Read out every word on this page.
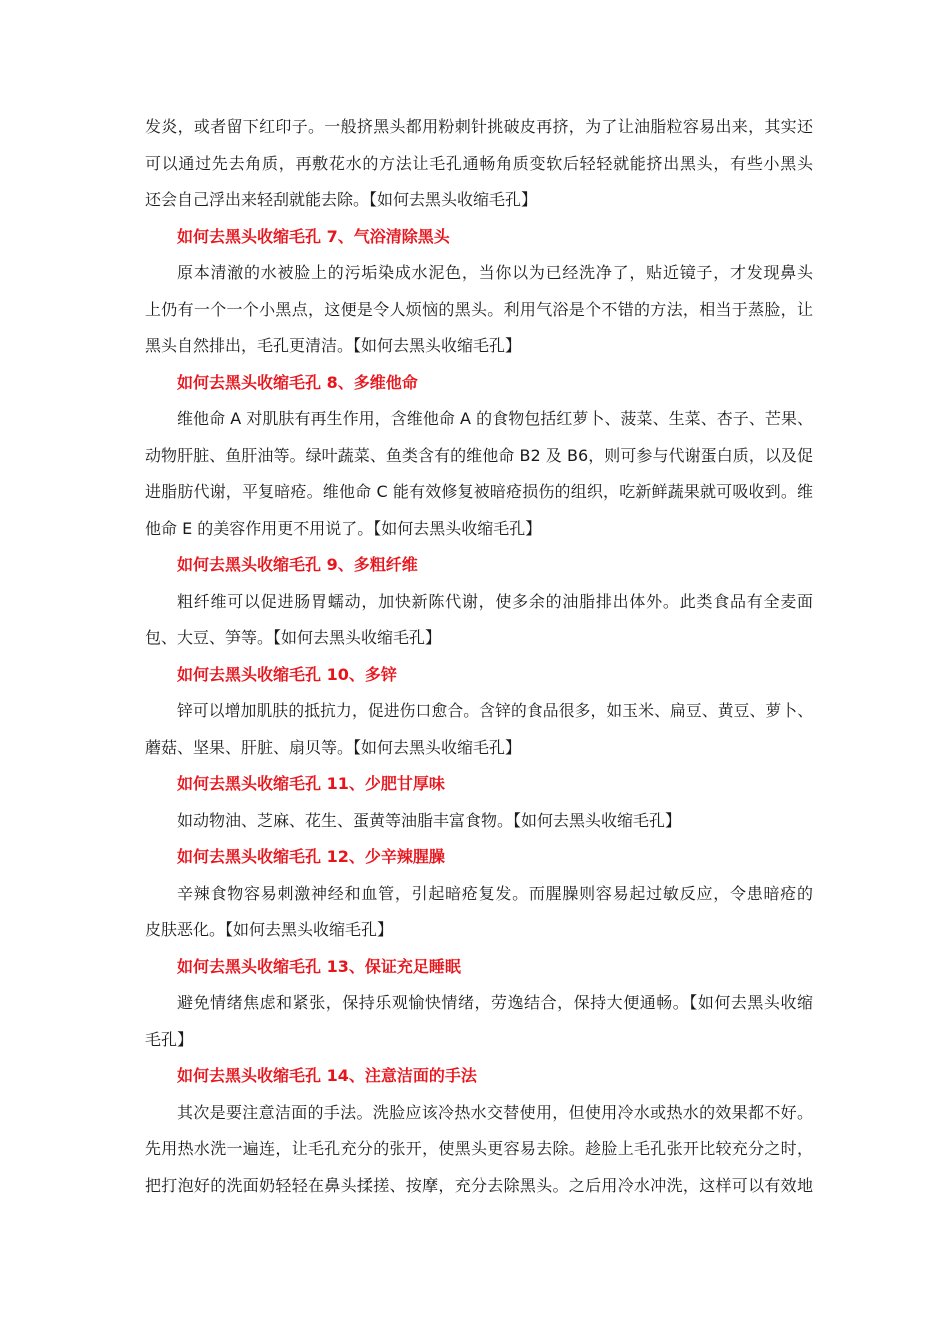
发炎，或者留下红印子。一般挤黑头都用粉刺针挑破皮再挤，为了让油脂粒容易出来，其实还
可以通过先去角质，再敷花水的方法让毛孔通畅角质变软后轻轻就能挤出黑头，有些小黑头
还会自己浮出来轻刮就能去除。【如何去黑头收缩毛孔】
如何去黑头收缩毛孔 7、气浴清除黑头
原本清澈的水被脸上的污垢染成水泥色，当你以为已经洗净了，贴近镜子，才发现鼻头
上仍有一个一个小黑点，这便是令人烦恼的黑头。利用气浴是个不错的方法，相当于蒸脸，让
黑头自然排出，毛孔更清洁。【如何去黑头收缩毛孔】
如何去黑头收缩毛孔 8、多维他命
维他命 A 对肌肤有再生作用，含维他命 A 的食物包括红萝卜、菠菜、生菜、杏子、芒果、
动物肝脏、鱼肝油等。绿叶蔬菜、鱼类含有的维他命 B2 及 B6，则可参与代谢蛋白质，以及促
进脂肪代谢，平复暗疮。维他命 C 能有效修复被暗疮损伤的组织，吃新鲜蔬果就可吸收到。维
他命 E 的美容作用更不用说了。【如何去黑头收缩毛孔】
如何去黑头收缩毛孔 9、多粗纤维
粗纤维可以促进肠胃蠕动，加快新陈代谢，使多余的油脂排出体外。此类食品有全麦面
包、大豆、笋等。【如何去黑头收缩毛孔】
如何去黑头收缩毛孔 10、多锌
锌可以增加肌肤的抵抗力，促进伤口愈合。含锌的食品很多，如玉米、扁豆、黄豆、萝卜、
蘑菇、坚果、肝脏、扇贝等。【如何去黑头收缩毛孔】
如何去黑头收缩毛孔 11、少肥甘厚味
如动物油、芝麻、花生、蛋黄等油脂丰富食物。【如何去黑头收缩毛孔】
如何去黑头收缩毛孔 12、少辛辣腥臊
辛辣食物容易刺激神经和血管，引起暗疮复发。而腥臊则容易起过敏反应，令患暗疮的
皮肤恶化。【如何去黑头收缩毛孔】
如何去黑头收缩毛孔 13、保证充足睡眠
避免情绪焦虑和紧张，保持乐观愉快情绪，劳逸结合，保持大便通畅。【如何去黑头收缩
毛孔】
如何去黑头收缩毛孔 14、注意洁面的手法
其次是要注意洁面的手法。洗脸应该冷热水交替使用，但使用冷水或热水的效果都不好。
先用热水洗一遍连，让毛孔充分的张开，使黑头更容易去除。趁脸上毛孔张开比较充分之时，
把打泡好的洗面奶轻轻在鼻头揉搓、按摩，充分去除黑头。之后用冷水冲洗，这样可以有效地
